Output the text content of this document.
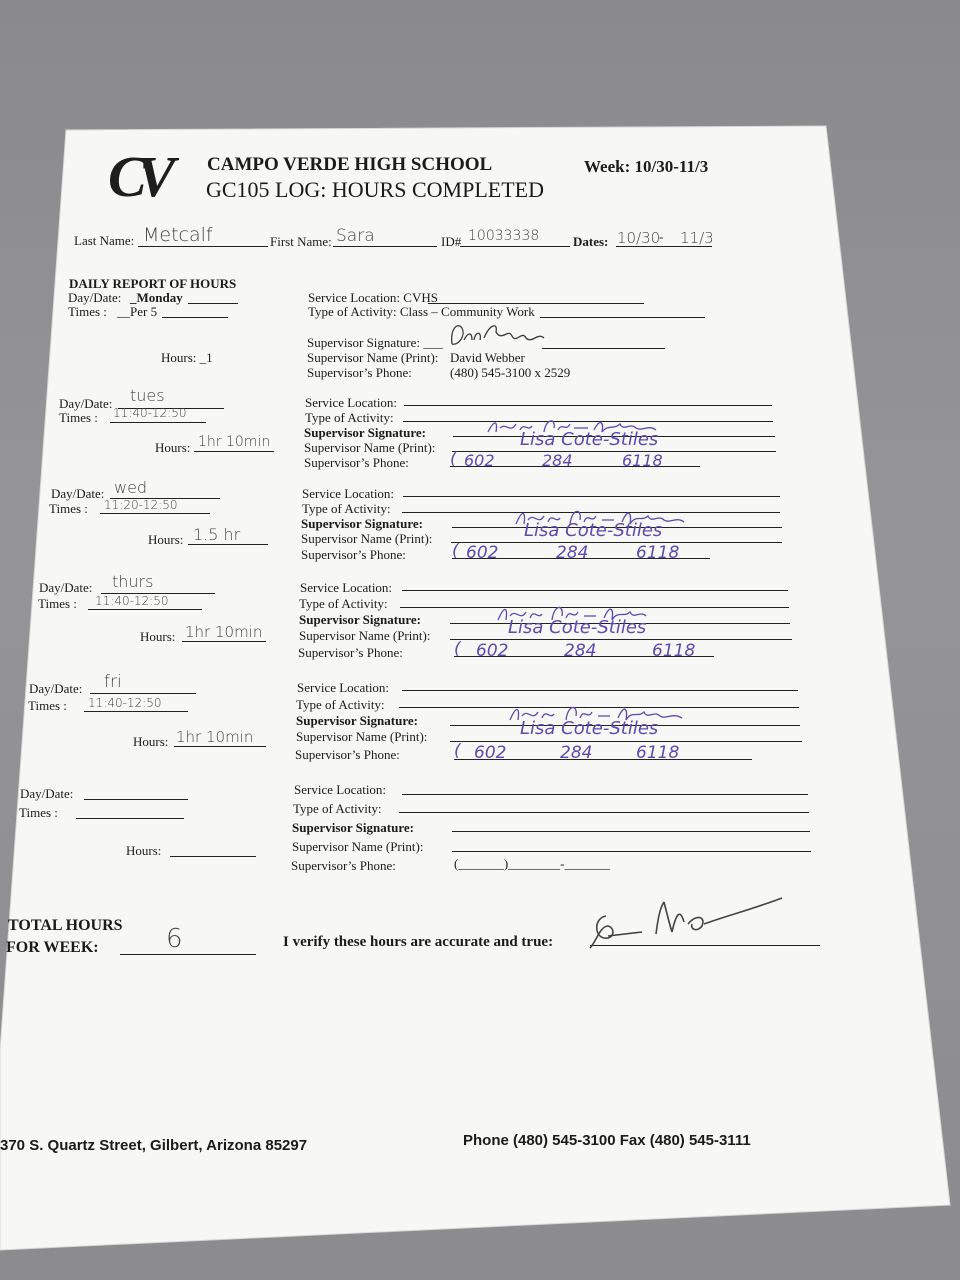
CV	CAMPO VERDE HIGH SCHOOL	Week: 10/30-11/3
GC105 LOG: HOURS COMPLETED
Last Name: Metcalf	First Name: Sara	ID# 10033338	Dates: 10/30
- 11/3
DAILY REPORT OF HOURS
Day/Date: _Monday
Times : __Per 5
Hours: _1
Service Location: CVHS
Type of Activity: Class – Community Work
Supervisor Signature: ___
Supervisor Name (Print): David Webber
Supervisor’s Phone:	(480) 545-3100 x 2529
Day/Date: tues
Times : 11:40-12:50
Hours: 1hr 10min
Service Location:
Type of Activity:
Supervisor Signature:
Supervisor Name (Print):	Lisa Cote-Stiles
Supervisor’s Phone: ( 602	284	6118
Day/Date: wed
Times : 11:20-12:50
Hours: 1.5 hr
Service Location:
Type of Activity:
Supervisor Signature:
Supervisor Name (Print):	Lisa Cote-Stiles
Supervisor’s Phone:	( 602	284	6118
Day/Date: thurs
Times : 11:40-12:50
Hours: 1hr 10min
Service Location:
Type of Activity:
Supervisor Signature:
Supervisor Name (Print):	Lisa Cote-Stiles
Supervisor’s Phone:	( 602	284	6118
Day/Date: fri
Times : 11:40-12:50
Hours: 1hr 10min
Service Location:
Type of Activity:
Supervisor Signature:
Supervisor Name (Print):	Lisa Cote-Stiles
Supervisor’s Phone:	( 602	284	6118
Day/Date:
Times :
Hours:
Service Location:
Type of Activity:
Supervisor Signature:
Supervisor Name (Print):
Supervisor’s Phone:	(_______)________-_______
TOTAL HOURS
FOR WEEK:	6	I verify these hours are accurate and true:
370 S. Quartz Street, Gilbert, Arizona 85297	Phone (480) 545-3100 Fax (480) 545-3111
